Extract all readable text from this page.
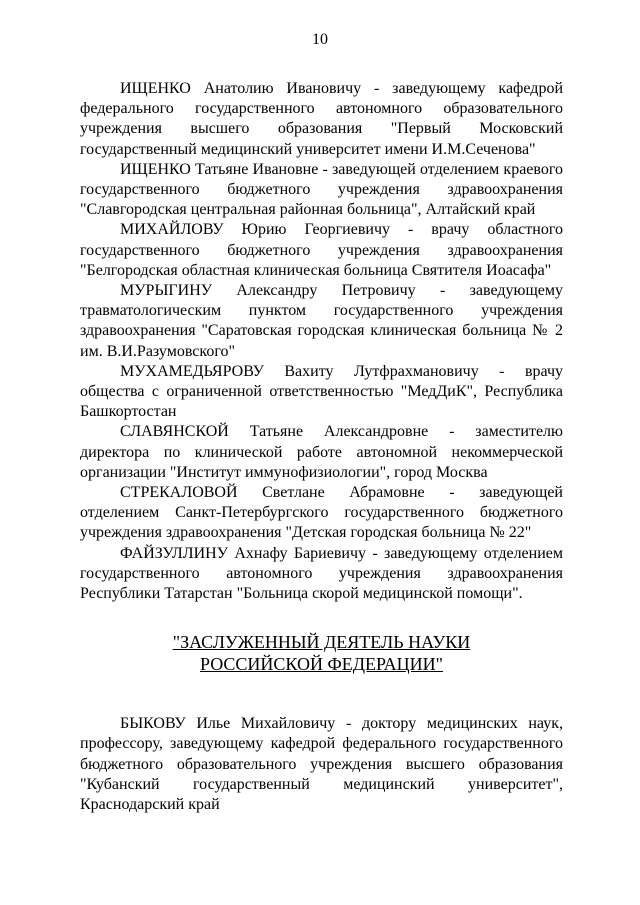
10

ИЩЕНКО Анатолию Ивановичу - заведующему кафедрой федерального государственного автономного образовательного учреждения высшего образования "Первый Московский государственный медицинский университет имени И.М.Сеченова"

ИЩЕНКО Татьяне Ивановне - заведующей отделением краевого государственного бюджетного учреждения здравоохранения "Славгородская центральная районная больница", Алтайский край

МИХАЙЛОВУ Юрию Георгиевичу - врачу областного государственного бюджетного учреждения здравоохранения "Белгородская областная клиническая больница Святителя Иоасафа"

МУРЫГИНУ Александру Петровичу - заведующему травматологическим пунктом государственного учреждения здравоохранения "Саратовская городская клиническая больница № 2 им. В.И.Разумовского"

МУХАМЕДЬЯРОВУ Вахиту Лутфрахмановичу - врачу общества с ограниченной ответственностью "МедДиК", Республика Башкортостан

СЛАВЯНСКОЙ Татьяне Александровне - заместителю директора по клинической работе автономной некоммерческой организации "Институт иммунофизиологии", город Москва

СТРЕКАЛОВОЙ Светлане Абрамовне - заведующей отделением Санкт-Петербургского государственного бюджетного учреждения здравоохранения "Детская городская больница № 22"

ФАЙЗУЛЛИНУ Ахнафу Бариевичу - заведующему отделением государственного автономного учреждения здравоохранения Республики Татарстан "Больница скорой медицинской помощи".

"ЗАСЛУЖЕННЫЙ ДЕЯТЕЛЬ НАУКИ
РОССИЙСКОЙ ФЕДЕРАЦИИ"

БЫКОВУ Илье Михайловичу - доктору медицинских наук, профессору, заведующему кафедрой федерального государственного бюджетного образовательного учреждения высшего образования "Кубанский государственный медицинский университет", Краснодарский край
